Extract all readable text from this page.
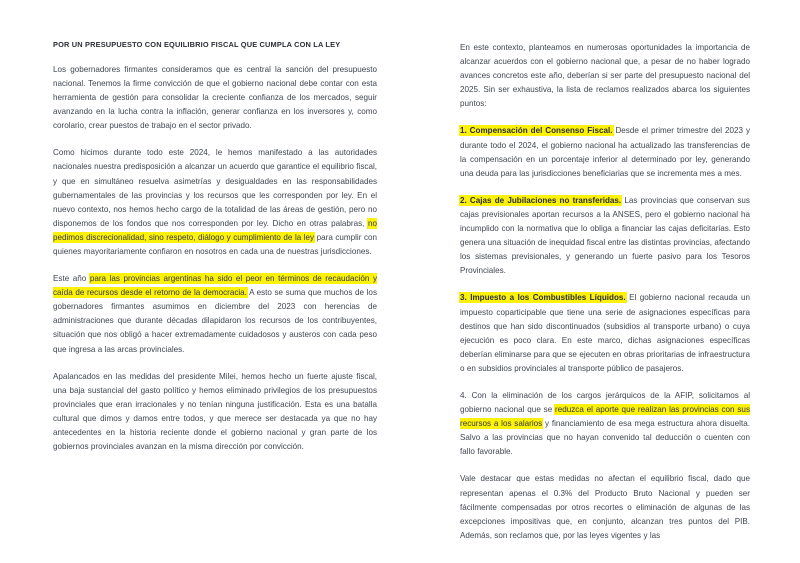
POR UN PRESUPUESTO CON EQUILIBRIO FISCAL QUE CUMPLA CON LA LEY

Los gobernadores firmantes consideramos que es central la sanción del presupuesto nacional. Tenemos la firme convicción de que el gobierno nacional debe contar con esta herramienta de gestión para consolidar la creciente confianza de los mercados, seguir avanzando en la lucha contra la inflación, generar confianza en los inversores y, como corolario, crear puestos de trabajo en el sector privado.

Como hicimos durante todo este 2024, le hemos manifestado a las autoridades nacionales nuestra predisposición a alcanzar un acuerdo que garantice el equilibrio fiscal, y que en simultáneo resuelva asimetrías y desigualdades en las responsabilidades gubernamentales de las provincias y los recursos que les corresponden por ley. En el nuevo contexto, nos hemos hecho cargo de la totalidad de las áreas de gestión, pero no disponemos de los fondos que nos corresponden por ley. Dicho en otras palabras, no pedimos discrecionalidad, sino respeto, diálogo y cumplimiento de la ley para cumplir con quienes mayoritariamente confiaron en nosotros en cada una de nuestras jurisdicciones.

Este año para las provincias argentinas ha sido el peor en términos de recaudación y caída de recursos desde el retorno de la democracia. A esto se suma que muchos de los gobernadores firmantes asumimos en diciembre del 2023 con herencias de administraciones que durante décadas dilapidaron los recursos de los contribuyentes, situación que nos obligó a hacer extremadamente cuidadosos y austeros con cada peso que ingresa a las arcas provinciales.

Apalancados en las medidas del presidente Milei, hemos hecho un fuerte ajuste fiscal, una baja sustancial del gasto político y hemos eliminado privilegios de los presupuestos provinciales que eran irracionales y no tenían ninguna justificación. Esta es una batalla cultural que dimos y damos entre todos, y que merece ser destacada ya que no hay antecedentes en la historia reciente donde el gobierno nacional y gran parte de los gobiernos provinciales avanzan en la misma dirección por convicción.

En este contexto, planteamos en numerosas oportunidades la importancia de alcanzar acuerdos con el gobierno nacional que, a pesar de no haber logrado avances concretos este año, deberían si ser parte del presupuesto nacional del 2025. Sin ser exhaustiva, la lista de reclamos realizados abarca los siguientes puntos:

1. Compensación del Consenso Fiscal. Desde el primer trimestre del 2023 y durante todo el 2024, el gobierno nacional ha actualizado las transferencias de la compensación en un porcentaje inferior al determinado por ley, generando una deuda para las jurisdicciones beneficiarias que se incrementa mes a mes.

2. Cajas de Jubilaciones no transferidas. Las provincias que conservan sus cajas previsionales aportan recursos a la ANSES, pero el gobierno nacional ha incumplido con la normativa que lo obliga a financiar las cajas deficitarias. Esto genera una situación de inequidad fiscal entre las distintas provincias, afectando los sistemas previsionales, y generando un fuerte pasivo para los Tesoros Provinciales.

3. Impuesto a los Combustibles Líquidos. El gobierno nacional recauda un impuesto coparticipable que tiene una serie de asignaciones específicas para destinos que han sido discontinuados (subsidios al transporte urbano) o cuya ejecución es poco clara. En este marco, dichas asignaciones específicas deberían eliminarse para que se ejecuten en obras prioritarias de infraestructura o en subsidios provinciales al transporte público de pasajeros.

4. Con la eliminación de los cargos jerárquicos de la AFIP, solicitamos al gobierno nacional que se reduzca el aporte que realizan las provincias con sus recursos a los salarios y financiamiento de esa mega estructura ahora disuelta. Salvo a las provincias que no hayan convenido tal deducción o cuenten con fallo favorable.

Vale destacar que estas medidas no afectan el equilibrio fiscal, dado que representan apenas el 0.3% del Producto Bruto Nacional y pueden ser fácilmente compensadas por otros recortes o eliminación de algunas de las excepciones impositivas que, en conjunto, alcanzan tres puntos del PIB. Además, son reclamos que, por las leyes vigentes y las
